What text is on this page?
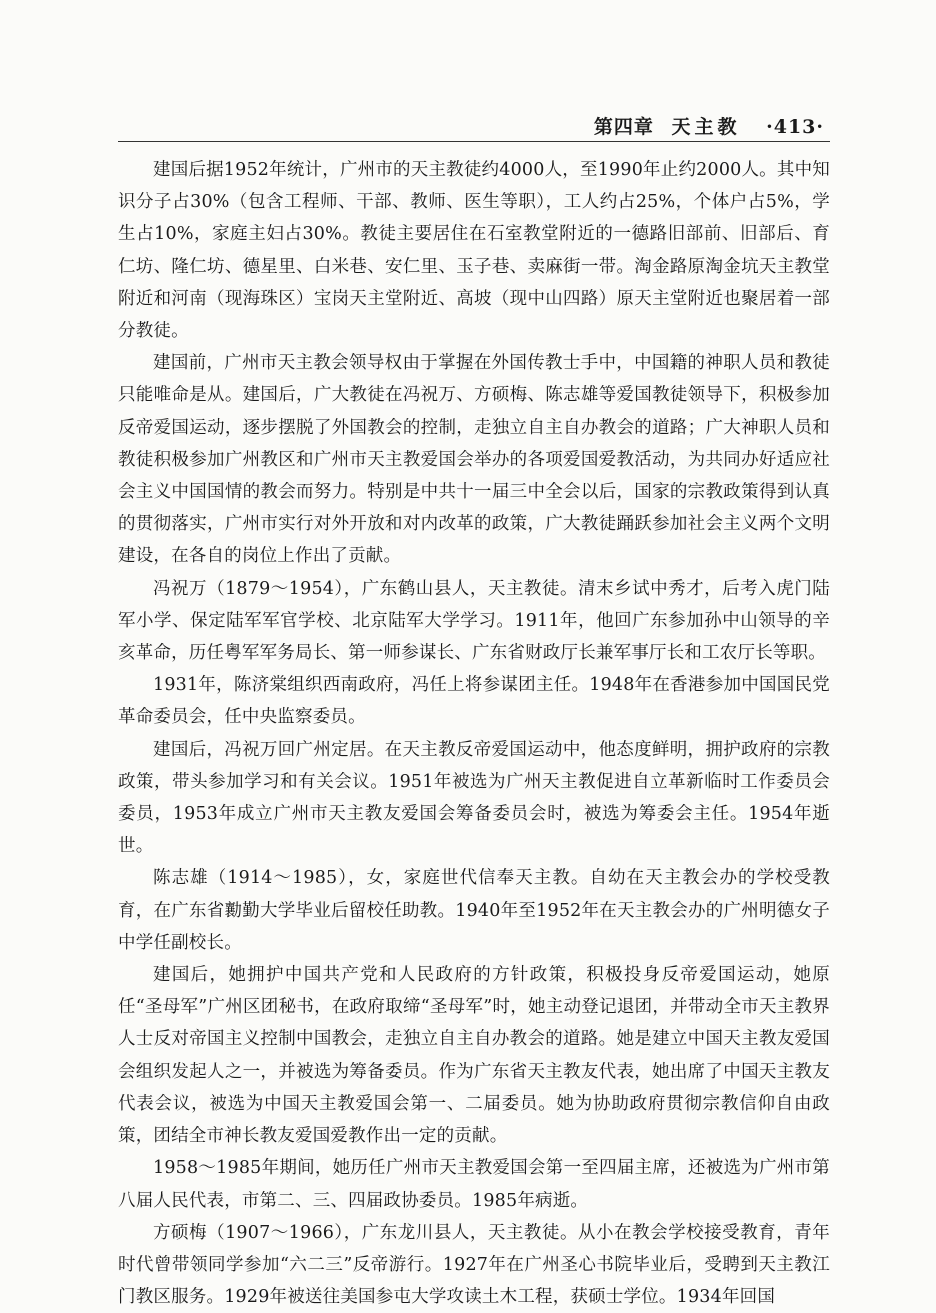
第四章 天主教 ·413·

建国后据1952年统计，广州市的天主教徒约4000人，至1990年止约2000人。其中知识分子占30%（包含工程师、干部、教师、医生等职），工人约占25%，个体户占5%，学生占10%，家庭主妇占30%。教徒主要居住在石室教堂附近的一德路旧部前、旧部后、育仁坊、隆仁坊、德星里、白米巷、安仁里、玉子巷、卖麻街一带。淘金路原淘金坑天主教堂附近和河南（现海珠区）宝岗天主堂附近、高坡（现中山四路）原天主堂附近也聚居着一部分教徒。

建国前，广州市天主教会领导权由于掌握在外国传教士手中，中国籍的神职人员和教徒只能唯命是从。建国后，广大教徒在冯祝万、方硕梅、陈志雄等爱国教徒领导下，积极参加反帝爱国运动，逐步摆脱了外国教会的控制，走独立自主自办教会的道路；广大神职人员和教徒积极参加广州教区和广州市天主教爱国会举办的各项爱国爱教活动，为共同办好适应社会主义中国国情的教会而努力。特别是中共十一届三中全会以后，国家的宗教政策得到认真的贯彻落实，广州市实行对外开放和对内改革的政策，广大教徒踊跃参加社会主义两个文明建设，在各自的岗位上作出了贡献。

冯祝万（1879～1954），广东鹤山县人，天主教徒。清末乡试中秀才，后考入虎门陆军小学、保定陆军军官学校、北京陆军大学学习。1911年，他回广东参加孙中山领导的辛亥革命，历任粤军军务局长、第一师参谋长、广东省财政厅长兼军事厅长和工农厅长等职。

1931年，陈济棠组织西南政府，冯任上将参谋团主任。1948年在香港参加中国国民党革命委员会，任中央监察委员。

建国后，冯祝万回广州定居。在天主教反帝爱国运动中，他态度鲜明，拥护政府的宗教政策，带头参加学习和有关会议。1951年被选为广州天主教促进自立革新临时工作委员会委员，1953年成立广州市天主教友爱国会筹备委员会时，被选为筹委会主任。1954年逝世。

陈志雄（1914～1985），女，家庭世代信奉天主教。自幼在天主教会办的学校受教育，在广东省勷勤大学毕业后留校任助教。1940年至1952年在天主教会办的广州明德女子中学任副校长。

建国后，她拥护中国共产党和人民政府的方针政策，积极投身反帝爱国运动，她原任“圣母军”广州区团秘书，在政府取缔“圣母军”时，她主动登记退团，并带动全市天主教界人士反对帝国主义控制中国教会，走独立自主自办教会的道路。她是建立中国天主教友爱国会组织发起人之一，并被选为筹备委员。作为广东省天主教友代表，她出席了中国天主教友代表会议，被选为中国天主教爱国会第一、二届委员。她为协助政府贯彻宗教信仰自由政策，团结全市神长教友爱国爱教作出一定的贡献。

1958～1985年期间，她历任广州市天主教爱国会第一至四届主席，还被选为广州市第八届人民代表，市第二、三、四届政协委员。1985年病逝。

方硕梅（1907～1966），广东龙川县人，天主教徒。从小在教会学校接受教育，青年时代曾带领同学参加“六二三”反帝游行。1927年在广州圣心书院毕业后，受聘到天主教江门教区服务。1929年被送往美国参屯大学攻读土木工程，获硕士学位。1934年回国
